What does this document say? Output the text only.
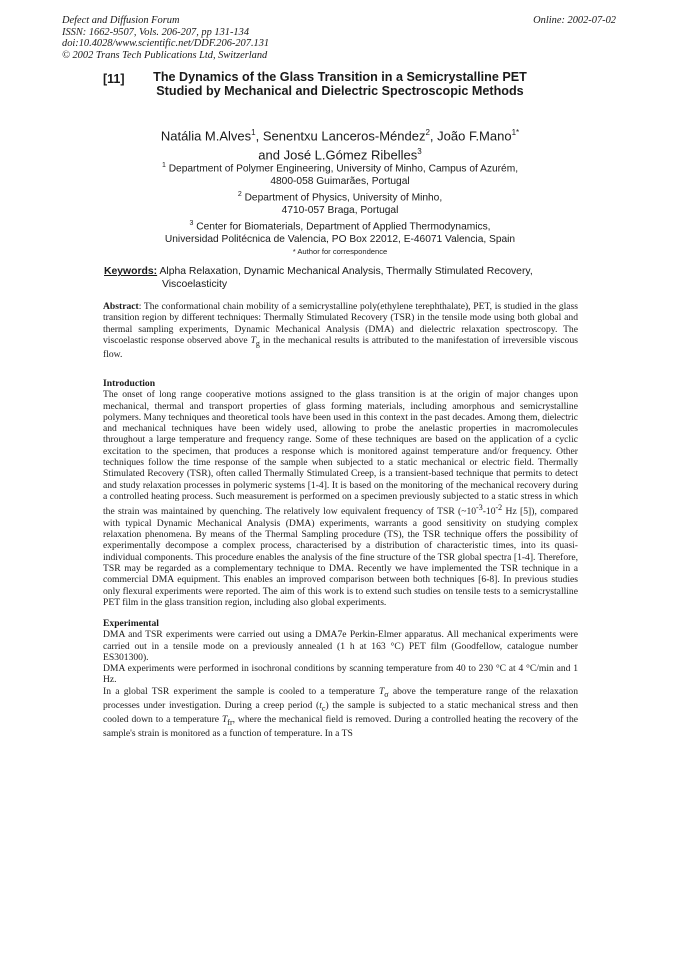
Defect and Diffusion Forum
ISSN: 1662-9507, Vols. 206-207, pp 131-134
doi:10.4028/www.scientific.net/DDF.206-207.131
© 2002 Trans Tech Publications Ltd, Switzerland
Online: 2002-07-02
[11]	The Dynamics of the Glass Transition in a Semicrystalline PET Studied by Mechanical and Dielectric Spectroscopic Methods
Natália M.Alves$^1$, Senentxu Lanceros-Méndez$^2$, João F.Mano$^{1*}$
and José L.Gómez Ribelles$^3$
$^1$ Department of Polymer Engineering, University of Minho, Campus of Azurém,
4800-058 Guimarães, Portugal
$^2$ Department of Physics, University of Minho,
4710-057 Braga, Portugal
$^3$ Center for Biomaterials, Department of Applied Thermodynamics,
Universidad Politécnica de Valencia, PO Box 22012, E-46071 Valencia, Spain
* Author for correspondence
Keywords: Alpha Relaxation, Dynamic Mechanical Analysis, Thermally Stimulated Recovery,
Viscoelasticity
Abstract: The conformational chain mobility of a semicrystalline poly(ethylene terephthalate), PET, is studied in the glass transition region by different techniques: Thermally Stimulated Recovery (TSR) in the tensile mode using both global and thermal sampling experiments, Dynamic Mechanical Analysis (DMA) and dielectric relaxation spectroscopy. The viscoelastic response observed above $T_g$ in the mechanical results is attributed to the manifestation of irreversible viscous flow.
Introduction
The onset of long range cooperative motions assigned to the glass transition is at the origin of major changes upon mechanical, thermal and transport properties of glass forming materials, including amorphous and semicrystalline polymers. Many techniques and theoretical tools have been used in this context in the past decades. Among them, dielectric and mechanical techniques have been widely used, allowing to probe the anelastic properties in macromolecules throughout a large temperature and frequency range. Some of these techniques are based on the application of a cyclic excitation to the specimen, that produces a response which is monitored against temperature and/or frequency. Other techniques follow the time response of the sample when subjected to a static mechanical or electric field. Thermally Stimulated Recovery (TSR), often called Thermally Stimulated Creep, is a transient-based technique that permits to detect and study relaxation processes in polymeric systems [1-4]. It is based on the monitoring of the mechanical recovery during a controlled heating process. Such measurement is performed on a specimen previously subjected to a static stress in which the strain was maintained by quenching. The relatively low equivalent frequency of TSR ($\sim 10^{-3}-10^{-2}$ Hz [5]), compared with typical Dynamic Mechanical Analysis (DMA) experiments, warrants a good sensitivity on studying complex relaxation phenomena. By means of the Thermal Sampling procedure (TS), the TSR technique offers the possibility of experimentally decompose a complex process, characterised by a distribution of characteristic times, into its quasi-individual components. This procedure enables the analysis of the fine structure of the TSR global spectra [1-4]. Therefore, TSR may be regarded as a complementary technique to DMA. Recently we have implemented the TSR technique in a commercial DMA equipment. This enables an improved comparison between both techniques [6-8]. In previous studies only flexural experiments were reported. The aim of this work is to extend such studies on tensile tests to a semicrystalline PET film in the glass transition region, including also global experiments.
Experimental
DMA and TSR experiments were carried out using a DMA7e Perkin-Elmer apparatus. All mechanical experiments were carried out in a tensile mode on a previously annealed (1 h at 163 °C) PET film (Goodfellow, catalogue number ES301300).
DMA experiments were performed in isochronal conditions by scanning temperature from 40 to 230 °C at 4 °C/min and 1 Hz.
In a global TSR experiment the sample is cooled to a temperature $T_\sigma$ above the temperature range of the relaxation processes under investigation. During a creep period $(t_c)$ the sample is subjected to a static mechanical stress and then cooled down to a temperature $T_{fr}$, where the mechanical field is removed. During a controlled heating the recovery of the sample's strain is monitored as a function of temperature. In a TS
